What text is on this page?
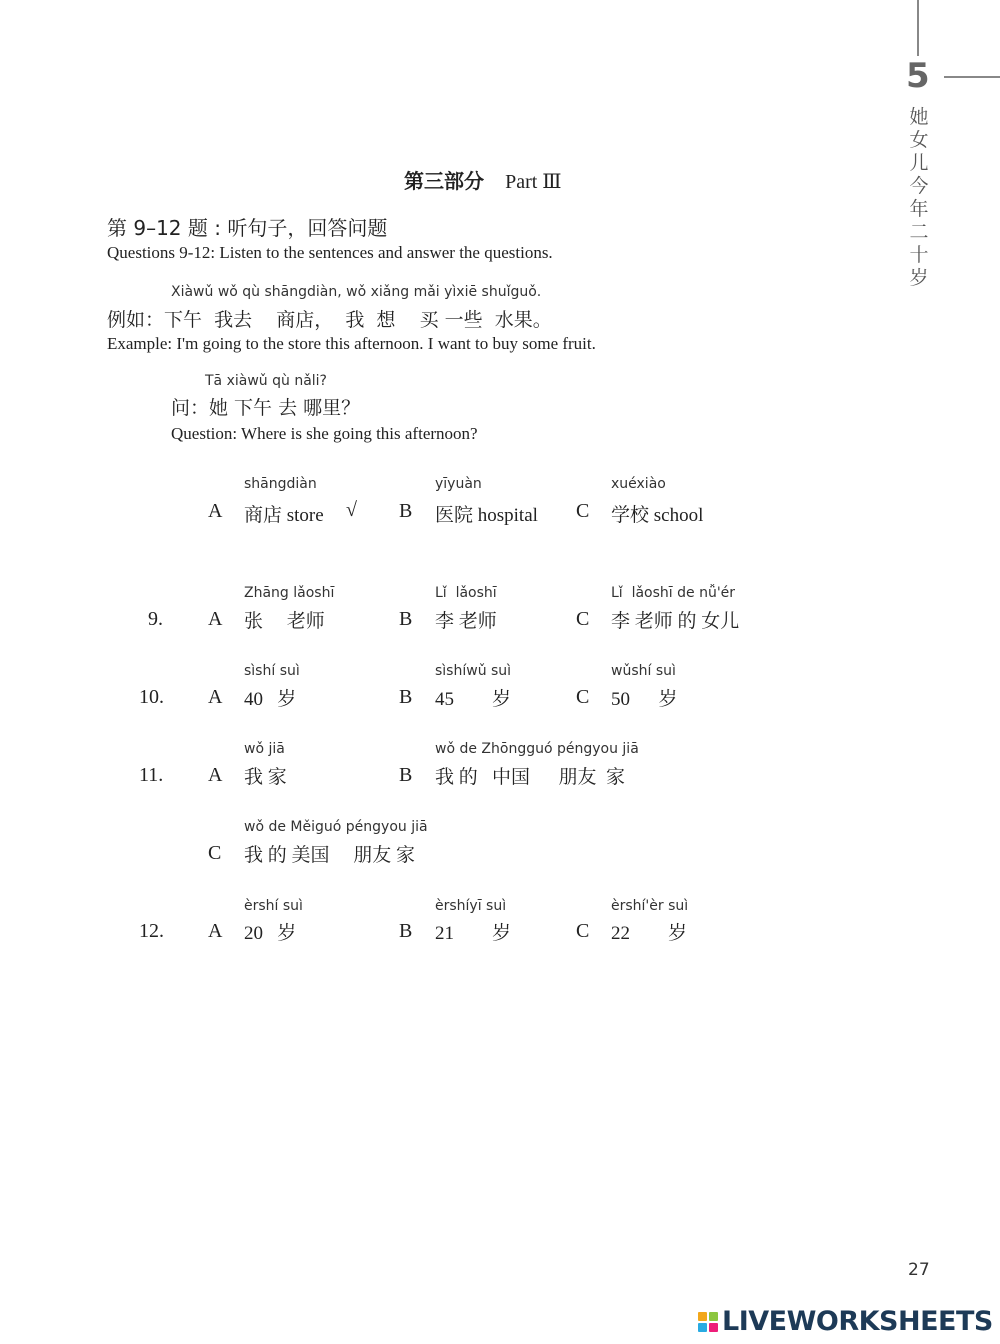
5
她女儿今年二十岁
第三部分 Part Ⅲ
第 9–12 题 : 听句子，回答问题
Questions 9-12: Listen to the sentences and answer the questions.
Xiàwǔ wǒ qù shāngdiàn, wǒ xiǎng mǎi yìxiē shuǐguǒ.
例如：下午  我去    商店，  我  想    买 一些  水果。
Example: I'm going to the store this afternoon. I want to buy some fruit.
Tā xiàwǔ qù nǎli?
问：她 下午 去 哪里？
Question: Where is she going this afternoon?
shāngdiàn
A 商店 store √
yīyuàn
B 医院 hospital
xuéxiào
C 学校 school
9.
Zhāng lǎoshī
A 张     老师
Lǐ  lǎoshī
B 李 老师
Lǐ  lǎoshī de nǚ'ér
C 李 老师 的 女儿
10.
sìshí suì
A 40   岁
sìshíwǔ suì
B 45        岁
wǔshí suì
C 50      岁
11.
wǒ jiā
A 我 家
wǒ de Zhōngguó péngyou jiā
B 我 的   中国      朋友  家
wǒ de Měiguó péngyou jiā
C 我 的 美国     朋友 家
12.
èrshí suì
A 20   岁
èrshíyī suì
B 21        岁
èrshí'èr suì
C 22        岁
27
LIVEWORKSHEETS
